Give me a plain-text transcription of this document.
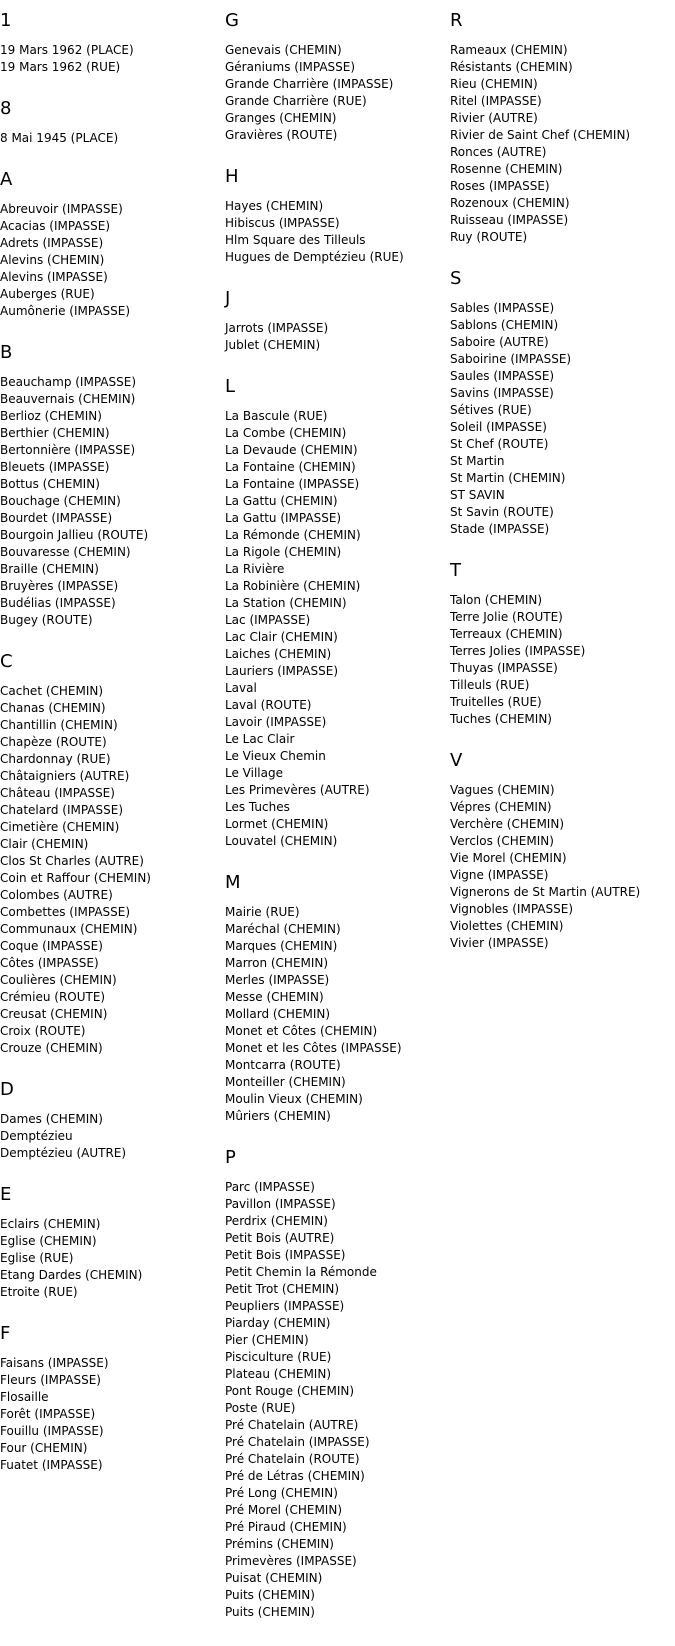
1
19 Mars 1962 (PLACE)
19 Mars 1962 (RUE)
8
8 Mai 1945 (PLACE)
A
Abreuvoir (IMPASSE)
Acacias (IMPASSE)
Adrets (IMPASSE)
Alevins (CHEMIN)
Alevins (IMPASSE)
Auberges (RUE)
Aumônerie (IMPASSE)
B
Beauchamp (IMPASSE)
Beauvernais (CHEMIN)
Berlioz (CHEMIN)
Berthier (CHEMIN)
Bertonnière (IMPASSE)
Bleuets (IMPASSE)
Bottus (CHEMIN)
Bouchage (CHEMIN)
Bourdet (IMPASSE)
Bourgoin Jallieu (ROUTE)
Bouvaresse (CHEMIN)
Braille (CHEMIN)
Bruyères (IMPASSE)
Budélias (IMPASSE)
Bugey (ROUTE)
C
Cachet (CHEMIN)
Chanas (CHEMIN)
Chantillin (CHEMIN)
Chapèze (ROUTE)
Chardonnay (RUE)
Châtaigniers (AUTRE)
Château (IMPASSE)
Chatelard (IMPASSE)
Cimetière (CHEMIN)
Clair (CHEMIN)
Clos St Charles (AUTRE)
Coin et Raffour (CHEMIN)
Colombes (AUTRE)
Combettes (IMPASSE)
Communaux (CHEMIN)
Coque (IMPASSE)
Côtes (IMPASSE)
Coulières (CHEMIN)
Crémieu (ROUTE)
Creusat (CHEMIN)
Croix (ROUTE)
Crouze (CHEMIN)
D
Dames (CHEMIN)
Demptézieu
Demptézieu (AUTRE)
E
Eclairs (CHEMIN)
Eglise (CHEMIN)
Eglise (RUE)
Etang Dardes (CHEMIN)
Etroite (RUE)
F
Faisans (IMPASSE)
Fleurs (IMPASSE)
Flosaille
Forêt (IMPASSE)
Fouillu (IMPASSE)
Four (CHEMIN)
Fuatet (IMPASSE)
G
Genevais (CHEMIN)
Géraniums (IMPASSE)
Grande Charrière (IMPASSE)
Grande Charrière (RUE)
Granges (CHEMIN)
Gravières (ROUTE)
H
Hayes (CHEMIN)
Hibiscus (IMPASSE)
Hlm Square des Tilleuls
Hugues de Demptézieu (RUE)
J
Jarrots (IMPASSE)
Jublet (CHEMIN)
L
La Bascule (RUE)
La Combe (CHEMIN)
La Devaude (CHEMIN)
La Fontaine (CHEMIN)
La Fontaine (IMPASSE)
La Gattu (CHEMIN)
La Gattu (IMPASSE)
La Rémonde (CHEMIN)
La Rigole (CHEMIN)
La Rivière
La Robinière (CHEMIN)
La Station (CHEMIN)
Lac (IMPASSE)
Lac Clair (CHEMIN)
Laiches (CHEMIN)
Lauriers (IMPASSE)
Laval
Laval (ROUTE)
Lavoir (IMPASSE)
Le Lac Clair
Le Vieux Chemin
Le Village
Les Primevères (AUTRE)
Les Tuches
Lormet (CHEMIN)
Louvatel (CHEMIN)
M
Mairie (RUE)
Maréchal (CHEMIN)
Marques (CHEMIN)
Marron (CHEMIN)
Merles (IMPASSE)
Messe (CHEMIN)
Mollard (CHEMIN)
Monet et Côtes (CHEMIN)
Monet et les Côtes (IMPASSE)
Montcarra (ROUTE)
Monteiller (CHEMIN)
Moulin Vieux (CHEMIN)
Mûriers (CHEMIN)
P
Parc (IMPASSE)
Pavillon (IMPASSE)
Perdrix (CHEMIN)
Petit Bois (AUTRE)
Petit Bois (IMPASSE)
Petit Chemin la Rémonde
Petit Trot (CHEMIN)
Peupliers (IMPASSE)
Piarday (CHEMIN)
Pier (CHEMIN)
Pisciculture (RUE)
Plateau (CHEMIN)
Pont Rouge (CHEMIN)
Poste (RUE)
Pré Chatelain (AUTRE)
Pré Chatelain (IMPASSE)
Pré Chatelain (ROUTE)
Pré de Létras (CHEMIN)
Pré Long (CHEMIN)
Pré Morel (CHEMIN)
Pré Piraud (CHEMIN)
Prémins (CHEMIN)
Primevères (IMPASSE)
Puisat (CHEMIN)
Puits (CHEMIN)
Puits (CHEMIN)
R
Rameaux (CHEMIN)
Résistants (CHEMIN)
Rieu (CHEMIN)
Ritel (IMPASSE)
Rivier (AUTRE)
Rivier de Saint Chef (CHEMIN)
Ronces (AUTRE)
Rosenne (CHEMIN)
Roses (IMPASSE)
Rozenoux (CHEMIN)
Ruisseau (IMPASSE)
Ruy (ROUTE)
S
Sables (IMPASSE)
Sablons (CHEMIN)
Saboire (AUTRE)
Saboirine (IMPASSE)
Saules (IMPASSE)
Savins (IMPASSE)
Sétives (RUE)
Soleil (IMPASSE)
St Chef (ROUTE)
St Martin
St Martin (CHEMIN)
ST SAVIN
St Savin (ROUTE)
Stade (IMPASSE)
T
Talon (CHEMIN)
Terre Jolie (ROUTE)
Terreaux (CHEMIN)
Terres Jolies (IMPASSE)
Thuyas (IMPASSE)
Tilleuls (RUE)
Truitelles (RUE)
Tuches (CHEMIN)
V
Vagues (CHEMIN)
Vépres (CHEMIN)
Verchère (CHEMIN)
Verclos (CHEMIN)
Vie Morel (CHEMIN)
Vigne (IMPASSE)
Vignerons de St Martin (AUTRE)
Vignobles (IMPASSE)
Violettes (CHEMIN)
Vivier (IMPASSE)
